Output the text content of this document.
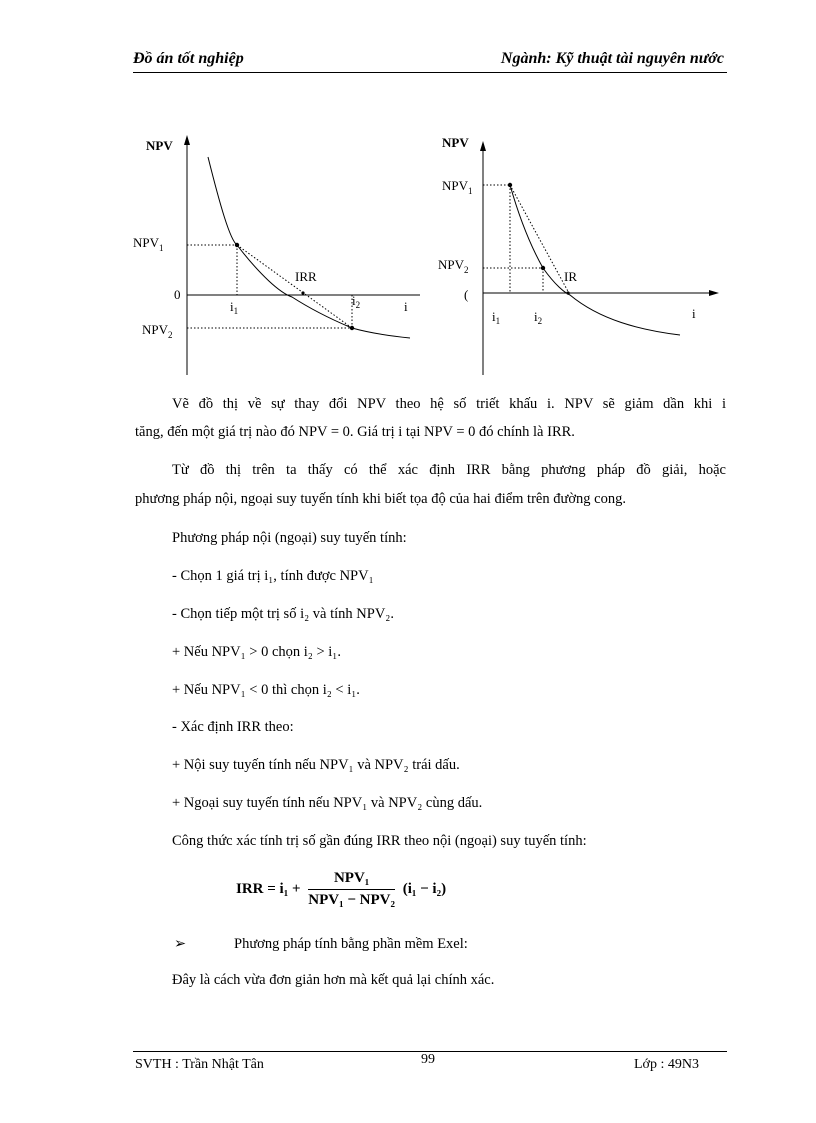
Đồ án tốt nghiệp	Ngành: Kỹ thuật tài nguyên nước
NPV
$NPV_1$
$NPV_2$
0
IRR
$i_1$
$i_2$	i
NPV
$NPV_1$
$NPV_2$
(
IR
$i_1$	$i_2$	i
Vẽ đồ thị về sự thay đổi NPV theo hệ số triết khấu i. NPV sẽ giảm dần khi i
tăng, đến một giá trị nào đó NPV = 0. Giá trị i tại NPV = 0 đó chính là IRR.
Từ đồ thị trên ta thấy có thể xác định IRR bằng phương pháp đồ giải, hoặc
phương pháp nội, ngoại suy tuyến tính khi biết tọa độ của hai điểm trên đường cong.
Phương pháp nội (ngoại) suy tuyến tính:
- Chọn 1 giá trị i₁, tính được NPV₁
- Chọn tiếp một trị số i₂ và tính NPV₂.
+ Nếu NPV₁ > 0 chọn i₂ > i₁.
+ Nếu NPV₁ < 0 thì chọn i₂ < i₁.
- Xác định IRR theo:
+ Nội suy tuyến tính nếu NPV₁ và NPV₂ trái dấu.
+ Ngoại suy tuyến tính nếu NPV₁ và NPV₂ cùng dấu.
Công thức xác tính trị số gần đúng IRR theo nội (ngoại) suy tuyến tính:
IRR = $i_1 + \frac{\text{NPV₁}}{\text{NPV₁ − NPV₂}} (i_1 - i_2)$
➢	Phương pháp tính bằng phần mềm Exel:
Đây là cách vừa đơn giản hơn mà kết quả lại chính xác.
SVTH : Trần Nhật Tân	99	Lớp : 49N3
